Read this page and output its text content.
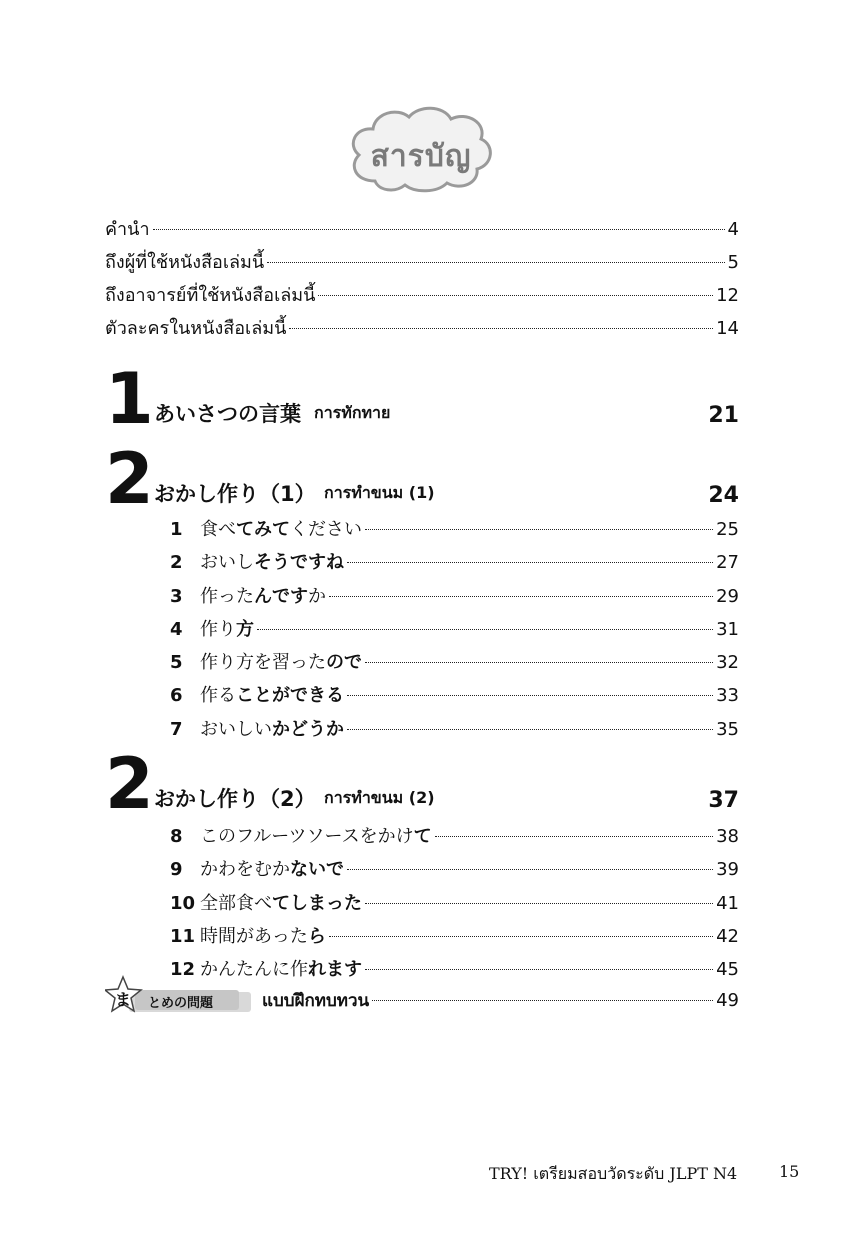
สารบัญ
คำนำ	4
ถึงผู้ที่ใช้หนังสือเล่มนี้	5
ถึงอาจารย์ที่ใช้หนังสือเล่มนี้	12
ตัวละครในหนังสือเล่มนี้	14
1 あいさつの言葉 การทักทาย	21
2 おかし作り（1） การทำขนม (1)	24
1 食べてみてください	25
2 おいしそうですね	27
3 作ったんですか	29
4 作り方	31
5 作り方を習ったので	32
6 作ることができる	33
7 おいしいかどうか	35
2 おかし作り（2） การทำขนม (2)	37
8 このフルーツソースをかけて	38
9 かわをむかないで	39
10 全部食べてしまった	41
11 時間があったら	42
12 かんたんに作れます	45
ま とめの問題	แบบฝึกทบทวน	49
TRY! เตรียมสอบวัดระดับ JLPT N4	15
